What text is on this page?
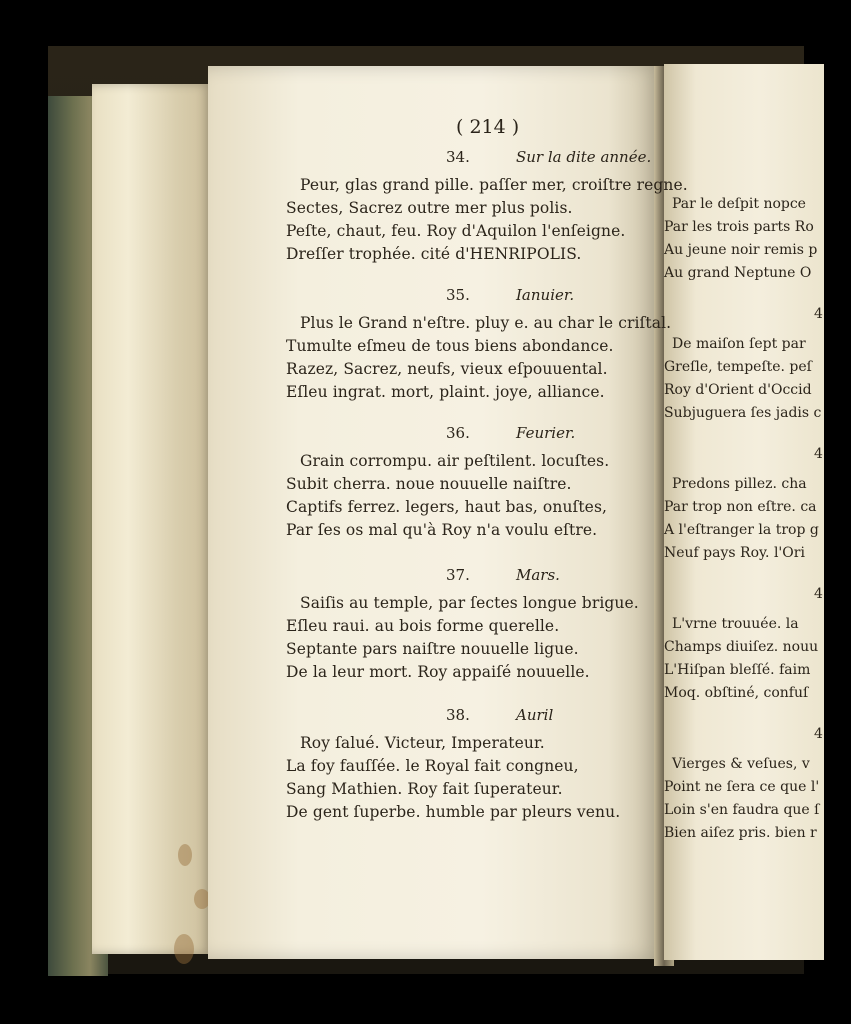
Par le deſpit nopce
Par les trois parts Ro
Au jeune noir remis p
Au grand Neptune O
De maiſon ſept par
Greſle, tempeſte. peſ
Roy d'Orient d'Occid
Subjuguera ſes jadis c
Predons pillez. cha
Par trop non eſtre. ca
A l'eſtranger la trop g
Neuf pays Roy. l'Ori
L'vrne trouuée. la
Champs diuiſez. nouu
L'Hiſpan bleſſé. faim
Moq. obſtiné, confuſ
Vierges & veſues, v
Point ne ſera ce que l'
Loin s'en faudra que ſ
Bien aiſez pris. bien r
4
4
4
4
( 214 )
34.	Sur la dite année.
Peur, glas grand pille. paſſer mer, croiſtre regne.
Sectes, Sacrez outre mer plus polis.
Peſte, chaut, feu. Roy d'Aquilon l'enſeigne.
Dreſſer trophée. cité d'HENRIPOLIS.
35.	Ianuier.
Plus le Grand n'eſtre. pluy e. au char le criſtal.
Tumulte eſmeu de tous biens abondance.
Razez, Sacrez, neufs, vieux eſpouuental.
Eſleu ingrat. mort, plaint. joye, alliance.
36.	Feurier.
Grain corrompu. air peſtilent. locuſtes.
Subit cherra. noue nouuelle naiſtre.
Captifs ferrez. legers, haut bas, onuſtes,
Par ſes os mal qu'à Roy n'a voulu eſtre.
37.	Mars.
Saiſis au temple, par ſectes longue brigue.
Eſleu raui. au bois forme querelle.
Septante pars naiſtre nouuelle ligue.
De la leur mort. Roy appaiſé nouuelle.
38.	Auril
Roy ſalué. Victeur, Imperateur.
La foy fauſſée. le Royal fait congneu,
Sang Mathien. Roy fait ſuperateur.
De gent ſuperbe. humble par pleurs venu.
